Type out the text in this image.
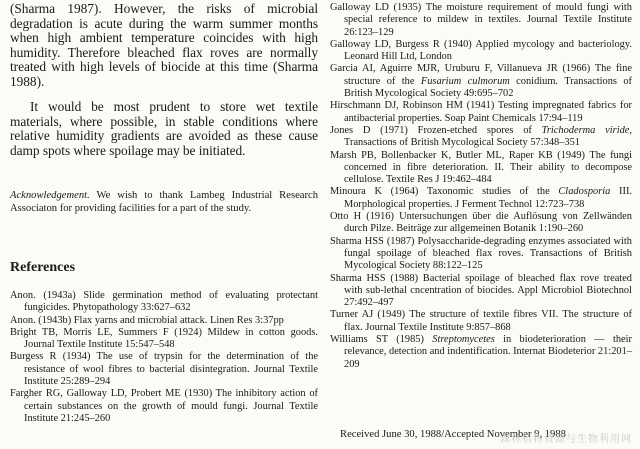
(Sharma 1987). However, the risks of microbial degradation is acute during the warm summer months when high ambient temperature coincides with high humidity. Therefore bleached flax roves are normally treated with high levels of biocide at this time (Sharma 1988).

It would be most prudent to store wet textile materials, where possible, in stable conditions where relative humidity gradients are avoided as these cause damp spots where spoilage may be initiated.

Acknowledgement. We wish to thank Lambeg Industrial Research Associaton for providing facilities for a part of the study.

References

Anon. (1943a) Slide germination method of evaluating protectant fungicides. Phytopathology 33:627–632

Anon. (1943b) Flax yarns and microbial attack. Linen Res 3:37pp

Bright TB, Morris LE, Summers F (1924) Mildew in cotton goods. Journal Textile Institute 15:547–548

Burgess R (1934) The use of trypsin for the determination of the resistance of wool fibres to bacterial disintegration. Journal Textile Institute 25:289–294

Fargher RG, Galloway LD, Probert ME (1930) The inhibitory action of certain substances on the growth of mould fungi. Journal Textile Institute 21:245–260

Galloway LD (1935) The moisture requirement of mould fungi with special reference to mildew in textiles. Journal Textile Institute 26:123–129

Galloway LD, Burgess R (1940) Applied mycology and bacteriology. Leonard Hill Ltd, London

Garcia AI, Aguirre MJR, Uruburu F, Villanueva JR (1966) The fine structure of the Fusarium culmorum conidium. Transactions of British Mycological Society 49:695–702

Hirschmann DJ, Robinson HM (1941) Testing impregnated fabrics for antibacterial properties. Soap Paint Chemicals 17:94–119

Jones D (1971) Frozen-etched spores of Trichoderma viride, Transactions of British Mycological Society 57:348–351

Marsh PB, Bollenbacker K, Butler ML, Raper KB (1949) The fungi concerned in fibre deterioration. II. Their ability to decompose cellulose. Textile Res J 19:462–484

Minoura K (1964) Taxonomic studies of the Cladosporia III. Morphological properties. J Ferment Technol 12:723–738

Otto H (1916) Untersuchungen über die Auflösung von Zellwänden durch Pilze. Beiträge zur allgemeinen Botanik 1:190–260

Sharma HSS (1987) Polysaccharide-degrading enzymes associated with fungal spoilage of bleached flax roves. Transactions of British Mycological Society 88:122–125

Sharma HSS (1988) Bacterial spoilage of bleached flax rove treated with sub-lethal cncentration of biocides. Appl Microbiol Biotechnol 27:492–497

Turner AJ (1949) The structure of textile fibres VII. The structure of flax. Journal Textile Institute 9:857–868

Williams ST (1985) Streptomycetes in biodeterioration — their relevance, detection and indentification. Internat Biodeterior 21:201–209

Received June 30, 1988/Accepted November 9, 1988

森林植物资源与生物利用网
